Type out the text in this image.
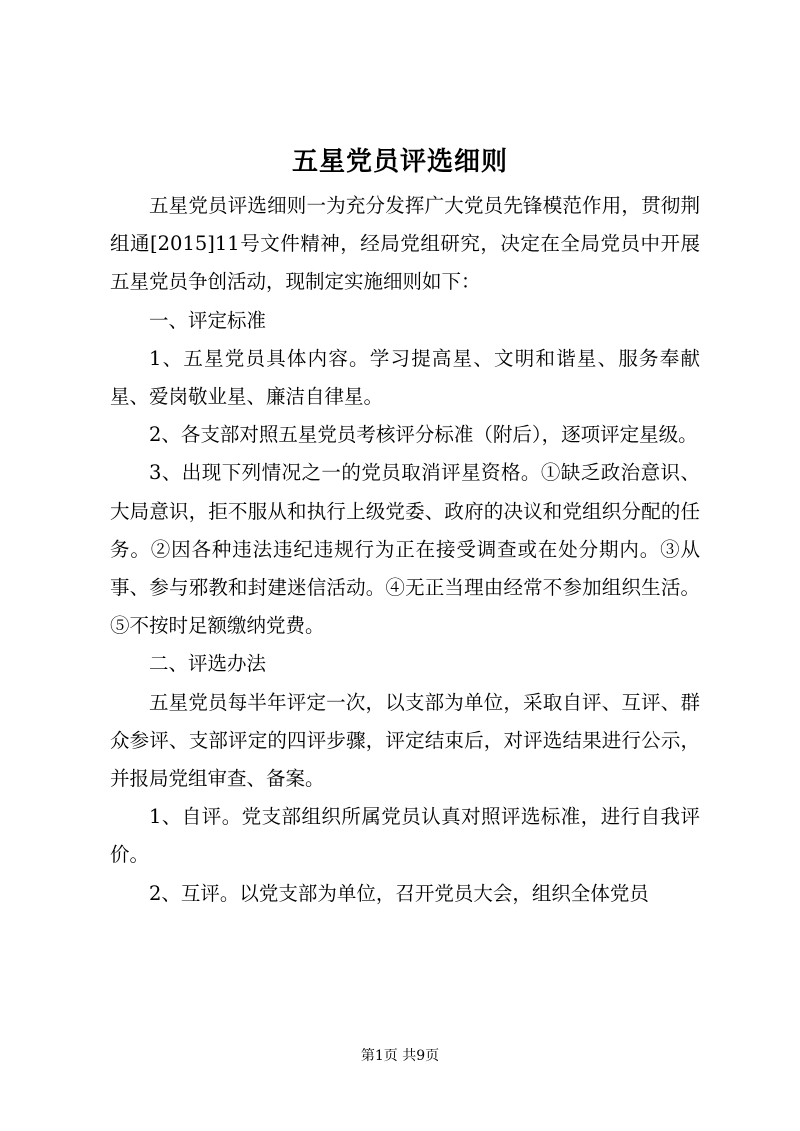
五星党员评选细则

五星党员评选细则一为充分发挥广大党员先锋模范作用，贯彻荆组通[2015]11号文件精神，经局党组研究，决定在全局党员中开展五星党员争创活动，现制定实施细则如下：

一、评定标准

1、五星党员具体内容。学习提高星、文明和谐星、服务奉献星、爱岗敬业星、廉洁自律星。

2、各支部对照五星党员考核评分标准（附后），逐项评定星级。

3、出现下列情况之一的党员取消评星资格。①缺乏政治意识、大局意识，拒不服从和执行上级党委、政府的决议和党组织分配的任务。②因各种违法违纪违规行为正在接受调查或在处分期内。③从事、参与邪教和封建迷信活动。④无正当理由经常不参加组织生活。⑤不按时足额缴纳党费。

二、评选办法

五星党员每半年评定一次，以支部为单位，采取自评、互评、群众参评、支部评定的四评步骤，评定结束后，对评选结果进行公示，并报局党组审查、备案。

1、自评。党支部组织所属党员认真对照评选标准，进行自我评价。

2、互评。以党支部为单位，召开党员大会，组织全体党员

第1页 共9页
